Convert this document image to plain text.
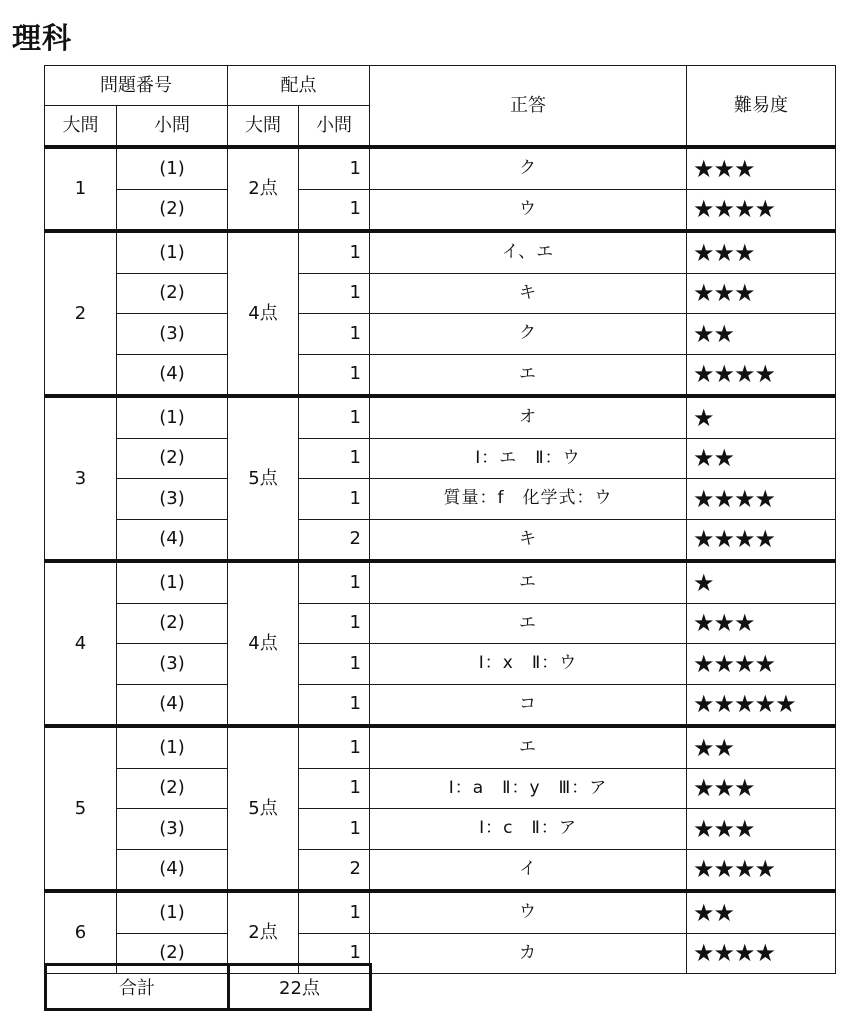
理科
問題番号		配点		正答	難易度
大問	小問	大問	小問		
1	(1)	2点	1	ク	★★★
	(2)		1	ウ	★★★★
2	(1)	4点	1	イ、エ	★★★
	(2)		1	キ	★★★
	(3)		1	ク	★★
	(4)		1	エ	★★★★
3	(1)	5点	1	オ	★
	(2)		1	Ⅰ：エ　Ⅱ：ウ	★★
	(3)		1	質量：f　化学式：ウ	★★★★
	(4)		2	キ	★★★★
4	(1)	4点	1	エ	★
	(2)		1	エ	★★★
	(3)		1	Ⅰ：x　Ⅱ：ウ	★★★★
	(4)		1	コ	★★★★★
5	(1)	5点	1	エ	★★
	(2)		1	Ⅰ：a　Ⅱ：y　Ⅲ：ア	★★★
	(3)		1	Ⅰ：c　Ⅱ：ア	★★★
	(4)		2	イ	★★★★
6	(1)	2点	1	ウ	★★
	(2)		1	カ	★★★★
合計	22点
